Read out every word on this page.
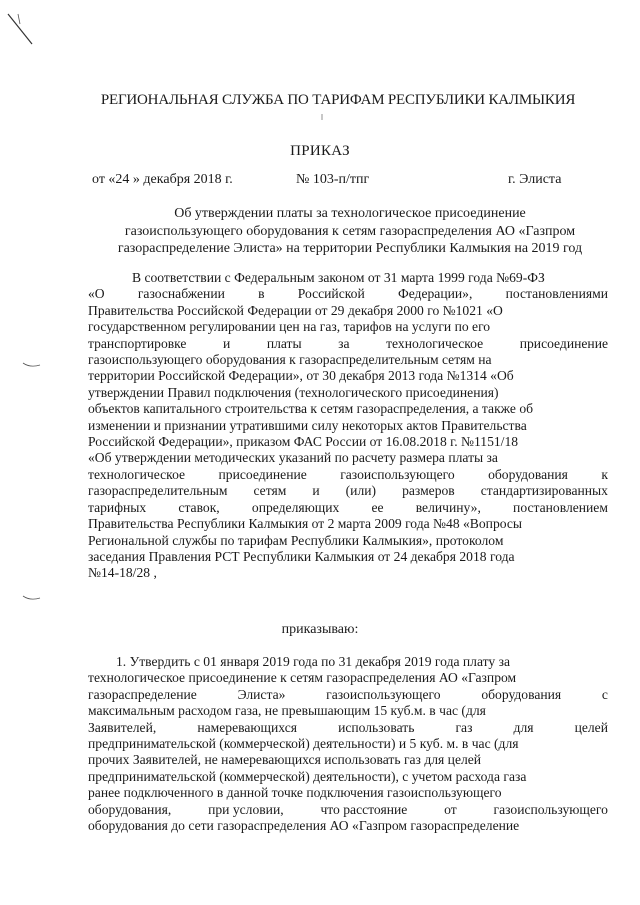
РЕГИОНАЛЬНАЯ СЛУЖБА ПО ТАРИФАМ РЕСПУБЛИКИ КАЛМЫКИЯ
ПРИКАЗ
от «24 » декабря 2018 г.	№ 103-п/тпг	г. Элиста
Об утверждении платы за технологическое присоединение
газоиспользующего оборудования к сетям газораспределения АО «Газпром
газораспределение Элиста» на территории Республики Калмыкия на 2019 год
В соответствии с Федеральным законом от 31 марта 1999 года №69-ФЗ
«О газоснабжении в Российской Федерации», постановлениями
Правительства Российской Федерации от 29 декабря 2000 го №1021 «О
государственном регулировании цен на газ, тарифов на услуги по его
транспортировке	и	платы	за	технологическое	присоединение
газоиспользующего оборудования к газораспределительным сетям на
территории Российской Федерации», от 30 декабря 2013 года №1314 «Об
утверждении Правил подключения (технологического присоединения)
объектов капитального строительства к сетям газораспределения, а также об
изменении и признании утратившими силу некоторых актов Правительства
Российской Федерации», приказом ФАС России от 16.08.2018 г. №1151/18
«Об утверждении методических указаний по расчету размера платы за
технологическое присоединение газоиспользующего оборудования к
газораспределительным сетям и (или) размеров стандартизированных
тарифных ставок, определяющих ее величину», постановлением
Правительства Республики Калмыкия от 2 марта 2009 года №48 «Вопросы
Региональной службы по тарифам Республики Калмыкия», протоколом
заседания Правления РСТ Республики Калмыкия от 24 декабря 2018 года
№14-18/28 ,
приказываю:
1. Утвердить с 01 января 2019 года по 31 декабря 2019 года плату за
технологическое присоединение к сетям газораспределения АО «Газпром
газораспределение	Элиста»	газоиспользующего	оборудования	с
максимальным расходом газа, не превышающим 15 куб.м. в час (для
Заявителей,	намеревающихся	использовать	газ	для	целей
предпринимательской (коммерческой) деятельности) и 5 куб. м. в час (для
прочих Заявителей, не намеревающихся использовать газ для целей
предпринимательской (коммерческой) деятельности), с учетом расхода газа
ранее подключенного в данной точке подключения газоиспользующего
оборудования,	при условии,	что расстояние	от	газоиспользующего
оборудования до сети газораспределения АО «Газпром газораспределение
